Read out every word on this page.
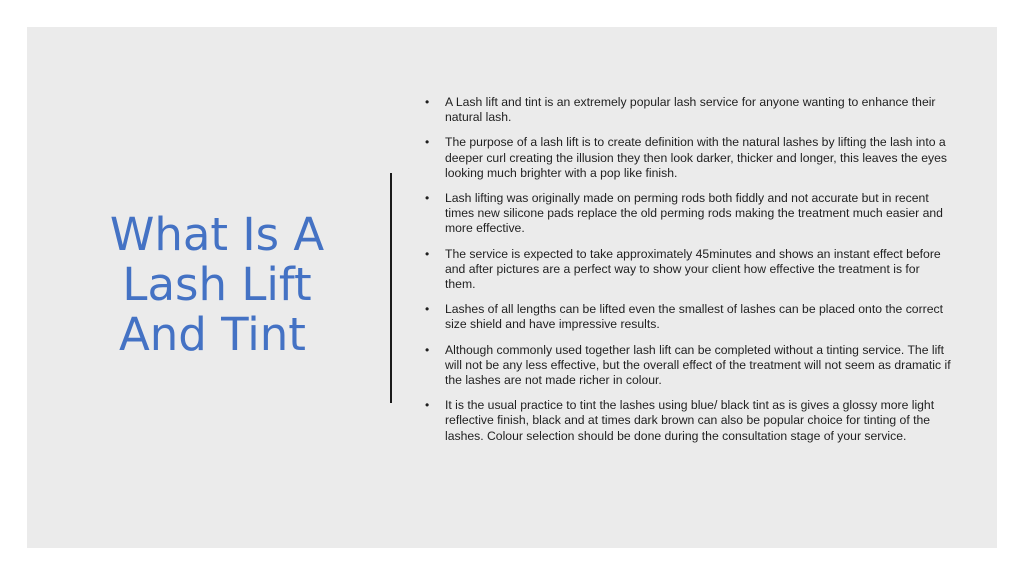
What Is A
Lash Lift
And Tint
• A Lash lift and tint is an extremely popular lash service for anyone wanting to enhance their natural lash.
• The purpose of a lash lift is to create definition with the natural lashes by lifting the lash into a deeper curl creating the illusion they then look darker, thicker and longer, this leaves the eyes looking much brighter with a pop like finish.
• Lash lifting was originally made on perming rods both fiddly and not accurate but in recent times new silicone pads replace the old perming rods making the treatment much easier and more effective.
• The service is expected to take approximately 45minutes and shows an instant effect before and after pictures are a perfect way to show your client how effective the treatment is for them.
• Lashes of all lengths can be lifted even the smallest of lashes can be placed onto the correct size shield and have impressive results.
• Although commonly used together lash lift can be completed without a tinting service. The lift will not be any less effective, but the overall effect of the treatment will not seem as dramatic if the lashes are not made richer in colour.
• It is the usual practice to tint the lashes using blue/ black tint as is gives a glossy more light reflective finish, black and at times dark brown can also be popular choice for tinting of the lashes. Colour selection should be done during the consultation stage of your service.
